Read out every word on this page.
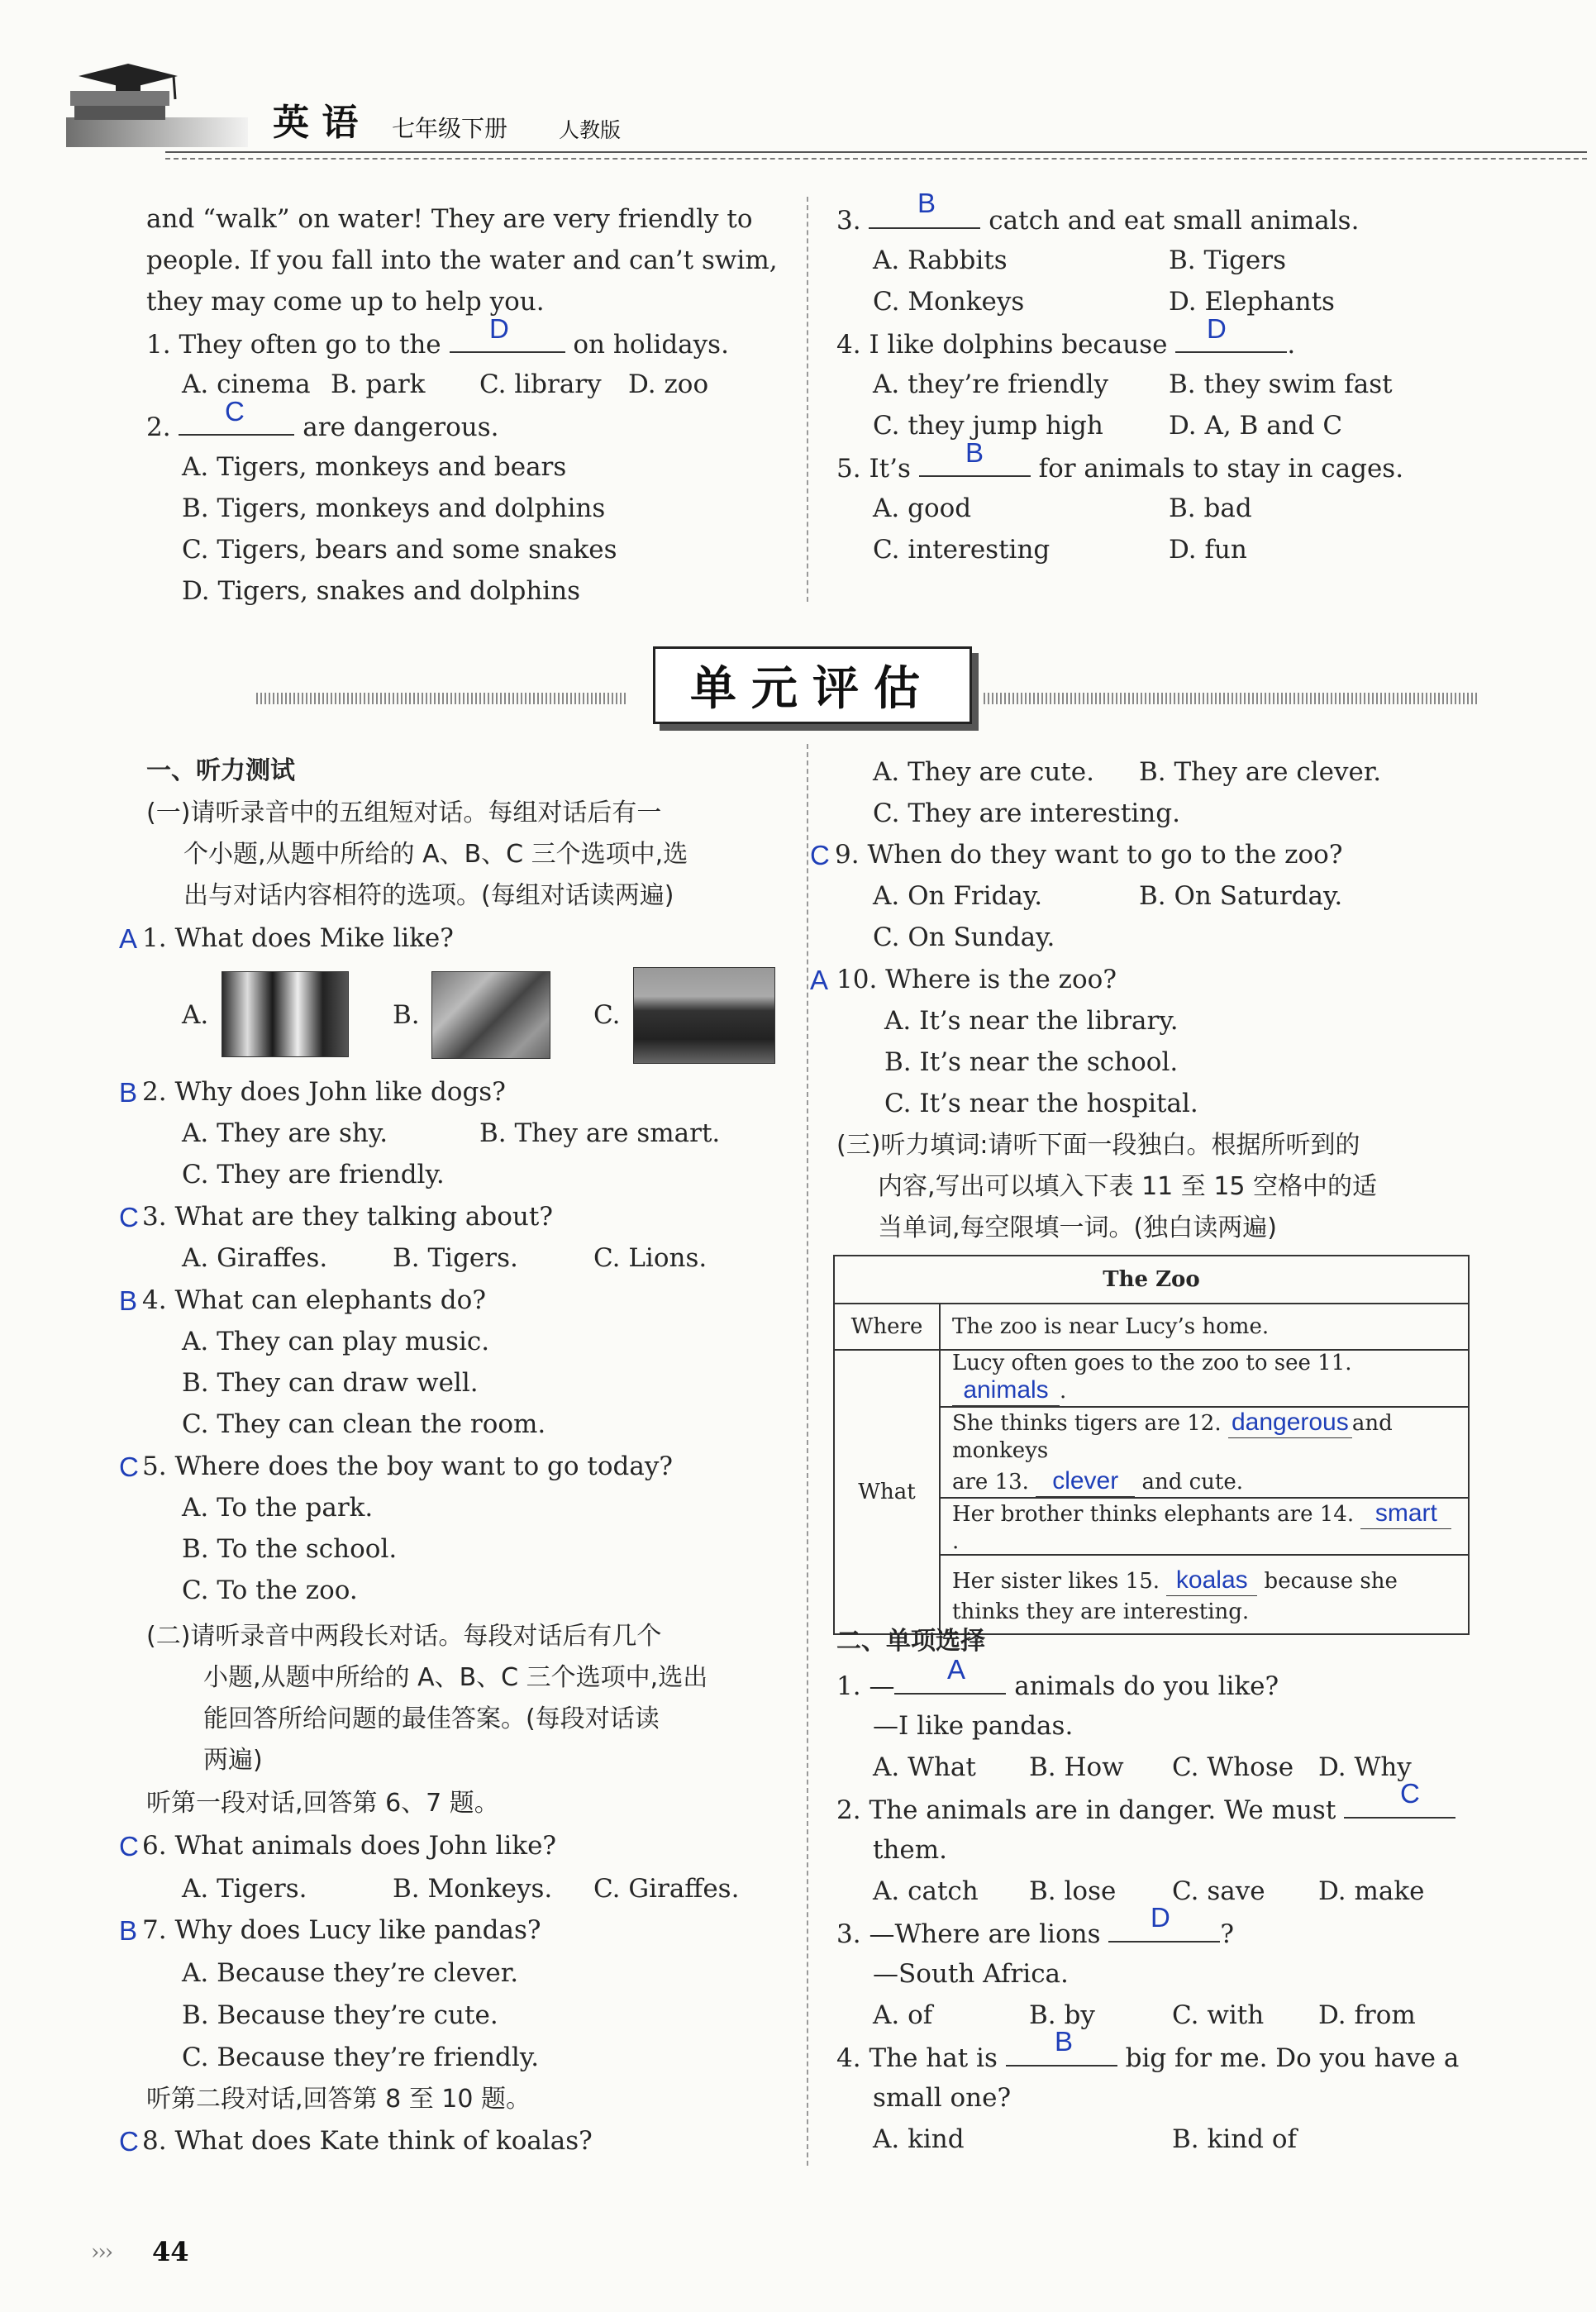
英 语 七年级下册 人教版
and “walk” on water! They are very friendly to
people. If you fall into the water and can’t swim,
they may come up to help you.
1. They often go to the	on holidays.
D
A. cinema B. park C. library D. zoo
2.	are dangerous.
C
A. Tigers, monkeys and bears
B. Tigers, monkeys and dolphins
C. Tigers, bears and some snakes
D. Tigers, snakes and dolphins
3.	catch and eat small animals.
B
A. Rabbits	B. Tigers
C. Monkeys	D. Elephants
4. I like dolphins because	.
D
A. they’re friendly B. they swim fast
C. they jump high	D. A, B and C
5. It’s	for animals to stay in cages.
B
A. good	B. bad
C. interesting	D. fun
单元评估
一、听力测试
(一)请听录音中的五组短对话。每组对话后有一
个小题,从题中所给的 A、B、C 三个选项中,选
出与对话内容相符的选项。(每组对话读两遍)
A 1. What does Mike like?
A.	B.	C.
B 2. Why does John like dogs?
A. They are shy.	B. They are smart.
C. They are friendly.
C 3. What are they talking about?
A. Giraffes.	B. Tigers.	C. Lions.
B 4. What can elephants do?
A. They can play music.
B. They can draw well.
C. They can clean the room.
C 5. Where does the boy want to go today?
A. To the park.
B. To the school.
C. To the zoo.
(二)请听录音中两段长对话。每段对话后有几个
小题,从题中所给的 A、B、C 三个选项中,选出
能回答所给问题的最佳答案。(每段对话读
两遍)
听第一段对话,回答第 6、7 题。
C 6. What animals does John like?
A. Tigers.	B. Monkeys. C. Giraffes.
B 7. Why does Lucy like pandas?
A. Because they’re clever.
B. Because they’re cute.
C. Because they’re friendly.
听第二段对话,回答第 8 至 10 题。
C 8. What does Kate think of koalas?
››› 44
A. They are cute. B. They are clever.
C. They are interesting.
C 9. When do they want to go to the zoo?
A. On Friday.	B. On Saturday.
C. On Sunday.
A 10. Where is the zoo?
A. It’s near the library.
B. It’s near the school.
C. It’s near the hospital.
(三)听力填词:请听下面一段独白。根据所听到的
内容,写出可以填入下表 11 至 15 空格中的适
当单词,每空限填一词。(独白读两遍)
The Zoo	
Where	The zoo is near Lucy’s home.
What	Lucy often goes to the zoo to see 11. animals .

	She thinks tigers are 12. dangerous and monkeys
are 13. clever and cute.

	Her brother thinks elephants are 14. smart.

	Her sister likes 15. koalas because she
thinks they are interesting.
二、单项选择
1. —	animals do you like?
A
—I like pandas.
A. What B. How C. Whose D. Why
2. The animals are in danger. We must
C
them.
A. catch B. lose C. save D. make
3. —Where are lions	?
D
—South Africa.
A. of	B. by	C. with D. from
4. The hat is	big for me. Do you have a
B
small one?
A. kind	B. kind of
